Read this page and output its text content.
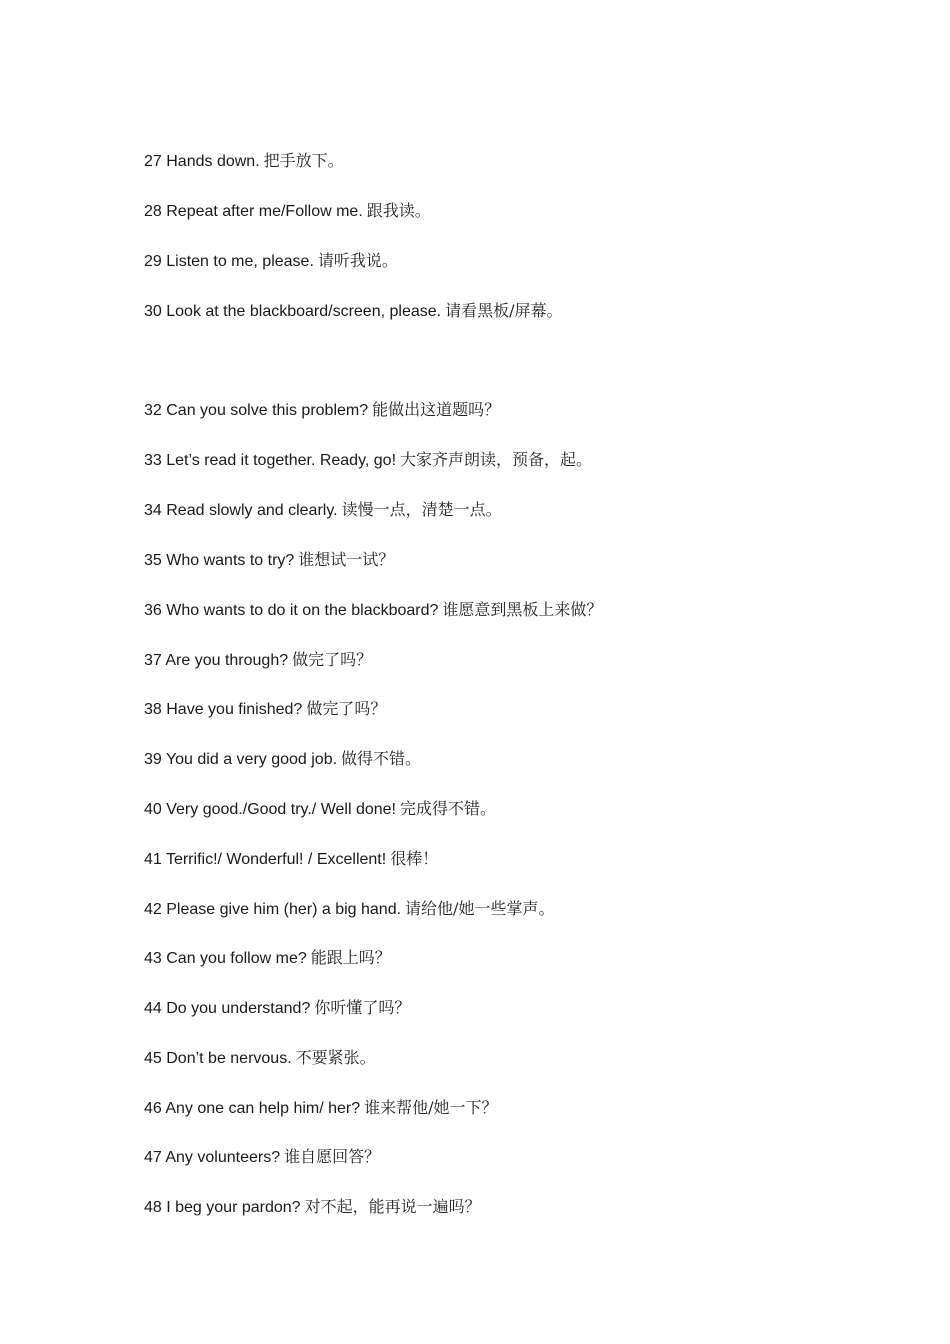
27 Hands down. 把手放下。
28 Repeat after me/Follow me. 跟我读。
29 Listen to me, please. 请听我说。
30 Look at the blackboard/screen, please. 请看黑板/屏幕。
32 Can you solve this problem? 能做出这道题吗？
33 Let’s read it together. Ready, go! 大家齐声朗读，预备，起。
34 Read slowly and clearly. 读慢一点，清楚一点。
35 Who wants to try? 谁想试一试？
36 Who wants to do it on the blackboard? 谁愿意到黑板上来做？
37 Are you through? 做完了吗？
38 Have you finished? 做完了吗？
39 You did a very good job. 做得不错。
40 Very good./Good try./ Well done! 完成得不错。
41 Terrific!/ Wonderful! / Excellent! 很棒！
42 Please give him (her) a big hand. 请给他/她一些掌声。
43 Can you follow me? 能跟上吗？
44 Do you understand? 你听懂了吗？
45 Don’t be nervous. 不要紧张。
46 Any one can help him/ her? 谁来帮他/她一下？
47 Any volunteers? 谁自愿回答？
48 I beg your pardon? 对不起，能再说一遍吗？
